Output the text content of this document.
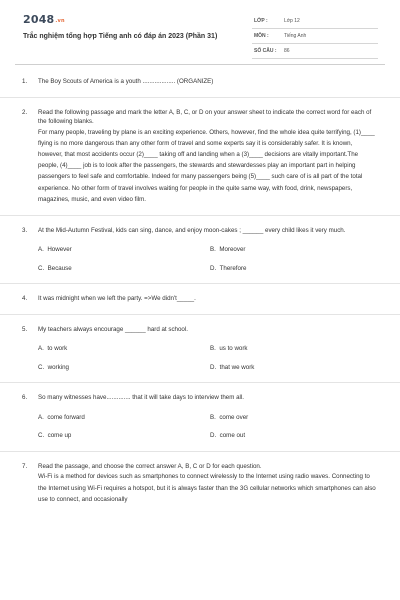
2048.vn
Trắc nghiệm tổng hợp Tiếng anh có đáp án 2023 (Phần 31)
LỚP :	Lớp 12
MÔN :	Tiếng Anh
SỐ CÂU : 86
1. The Boy Scouts of America is a youth ................... (ORGANIZE)

2. Read the following passage and mark the letter A, B, C, or D on your answer sheet to indicate the correct word for each of the following blanks.

For many people, traveling by plane is an exciting experience. Others, however, find the whole idea quite terrifying, (1)____ flying is no more dangerous than any other form of travel and some experts say it is considerably safer. It is known, however, that most accidents occur (2)____ taking off and landing when a (3)____ decisions are vitally important.The people, (4)____ job is to look after the passengers, the stewards and stewardesses play an important part in helping passengers to feel safe and comfortable. Indeed for many passengers being (5)____ such care of is all part of the total experience. No other form of travel involves waiting for people in the quite same way, with food, drink, newspapers, magazines, music, and even video film.

3. At the Mid-Autumn Festival, kids can sing, dance, and enjoy moon-cakes ; ______ every child likes it very much.

A. However	B. Moreover
C. Because	D. Therefore
4. It was midnight when we left the party. =>We didn't_____.

5. My teachers always encourage ______ hard at school.

A. to work	B. us to work
C. working	D. that we work
6. So many witnesses have.............. that it will take days to interview them all.

A. come forward	B. come over
C. come up	D. come out
7. Read the passage, and choose the correct answer A, B, C or D for each question.

Wi-Fi is a method for devices such as smartphones to connect wirelessly to the Internet using radio waves. Connecting to the Internet using Wi-Fi requires a hotspot, but it is always faster than the 3G cellular networks which smartphones can also use to connect, and occasionally
